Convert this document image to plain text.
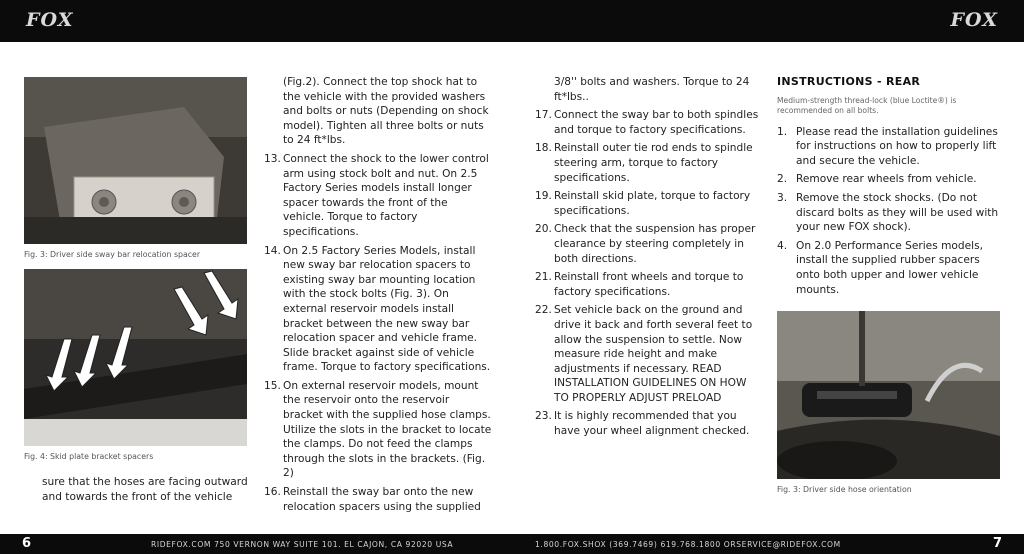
FOX	FOX
Fig. 3: Driver side sway bar relocation spacer
Fig. 4: Skid plate bracket spacers

sure that the hoses are facing outward and towards the front of the vehicle

(Fig.2). Connect the top shock hat to the vehicle with the provided washers and bolts or nuts (Depending on shock model). Tighten all three bolts or nuts to 24 ft*lbs.
13. Connect the shock to the lower control arm using stock bolt and nut. On 2.5 Factory Series models install longer spacer towards the front of the vehicle. Torque to factory specifications.
14. On 2.5 Factory Series Models, install new sway bar relocation spacers to existing sway bar mounting location with the stock bolts (Fig. 3). On external reservoir models install bracket between the new sway bar relocation spacer and vehicle frame. Slide bracket against side of vehicle frame. Torque to factory specifications.
15. On external reservoir models, mount the reservoir onto the reservoir bracket with the supplied hose clamps. Utilize the slots in the bracket to locate the clamps. Do not feed the clamps through the slots in the brackets. (Fig. 2)
16. Reinstall the sway bar onto the new relocation spacers using the supplied
3/8'' bolts and washers. Torque to 24 ft*lbs..
17. Connect the sway bar to both spindles and torque to factory specifications.
18. Reinstall outer tie rod ends to spindle steering arm, torque to factory specifications.
19. Reinstall skid plate, torque to factory specifications.
20. Check that the suspension has proper clearance by steering completely in both directions.
21. Reinstall front wheels and torque to factory specifications.
22. Set vehicle back on the ground and drive it back and forth several feet to allow the suspension to settle. Now measure ride height and make adjustments if necessary. READ INSTALLATION GUIDELINES ON HOW TO PROPERLY ADJUST PRELOAD
23. It is highly recommended that you have your wheel alignment checked.
INSTRUCTIONS - REAR
Medium-strength thread-lock (blue Loctite®) is recommended on all bolts.
1. Please read the installation guidelines for instructions on how to properly lift and secure the vehicle.
2. Remove rear wheels from vehicle.
3. Remove the stock shocks. (Do not discard bolts as they will be used with your new FOX shock).
4. On 2.0 Performance Series models, install the supplied rubber spacers onto both upper and lower vehicle mounts.
Fig. 3: Driver side hose orientation
6	RIDEFOX.COM 750 VERNON WAY SUITE 101. EL CAJON, CA 92020 USA	1.800.FOX.SHOX (369.7469) 619.768.1800 ORSERVICE@RIDEFOX.COM	7
